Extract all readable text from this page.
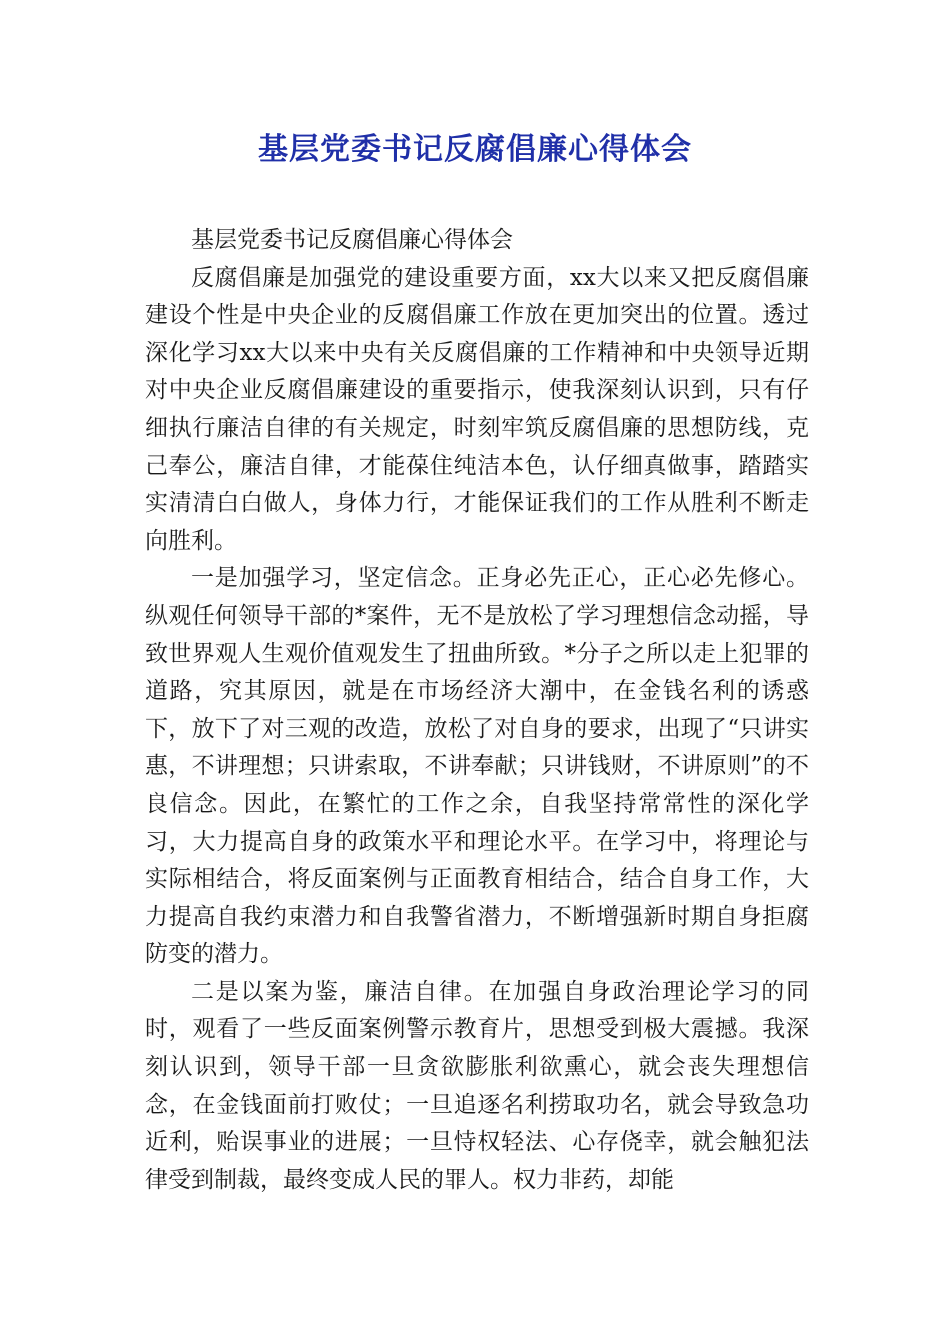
基层党委书记反腐倡廉心得体会

基层党委书记反腐倡廉心得体会

反腐倡廉是加强党的建设重要方面，xx大以来又把反腐倡廉建设个性是中央企业的反腐倡廉工作放在更加突出的位置。透过深化学习xx大以来中央有关反腐倡廉的工作精神和中央领导近期对中央企业反腐倡廉建设的重要指示，使我深刻认识到，只有仔细执行廉洁自律的有关规定，时刻牢筑反腐倡廉的思想防线，克己奉公，廉洁自律，才能葆住纯洁本色，认仔细真做事，踏踏实实清清白白做人，身体力行，才能保证我们的工作从胜利不断走向胜利。

一是加强学习，坚定信念。正身必先正心，正心必先修心。纵观任何领导干部的*案件，无不是放松了学习理想信念动摇，导致世界观人生观价值观发生了扭曲所致。*分子之所以走上犯罪的道路，究其原因，就是在市场经济大潮中，在金钱名利的诱惑下，放下了对三观的改造，放松了对自身的要求，出现了“只讲实惠，不讲理想；只讲索取，不讲奉献；只讲钱财，不讲原则”的不良信念。因此，在繁忙的工作之余，自我坚持常常性的深化学习，大力提高自身的政策水平和理论水平。在学习中，将理论与实际相结合，将反面案例与正面教育相结合，结合自身工作，大力提高自我约束潜力和自我警省潜力，不断增强新时期自身拒腐防变的潜力。

二是以案为鉴，廉洁自律。在加强自身政治理论学习的同时，观看了一些反面案例警示教育片，思想受到极大震撼。我深刻认识到，领导干部一旦贪欲膨胀利欲熏心，就会丧失理想信念，在金钱面前打败仗；一旦追逐名利捞取功名，就会导致急功近利，贻误事业的进展；一旦恃权轻法、心存侥幸，就会触犯法律受到制裁，最终变成人民的罪人。权力非药，却能
